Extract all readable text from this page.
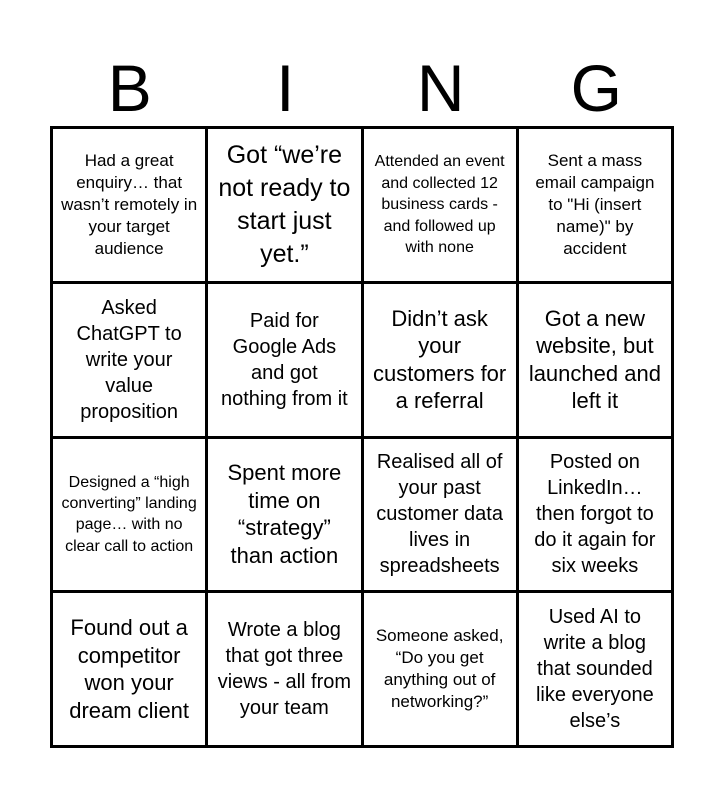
B	I	N	G
Had a great enquiry… that wasn’t remotely in your target audience
Got “we’re not ready to start just yet.”
Attended an event and collected 12 business cards - and followed up with none
Sent a mass email campaign to "Hi (insert name)" by accident
Asked ChatGPT to write your value proposition
Paid for Google Ads and got nothing from it
Didn’t ask your customers for a referral
Got a new website, but launched and left it
Designed a “high converting” landing page… with no clear call to action
Spent more time on “strategy” than action
Realised all of your past customer data lives in spreadsheets
Posted on LinkedIn… then forgot to do it again for six weeks
Found out a competitor won your dream client
Wrote a blog that got three views - all from your team
Someone asked, “Do you get anything out of networking?”
Used AI to write a blog that sounded like everyone else’s
